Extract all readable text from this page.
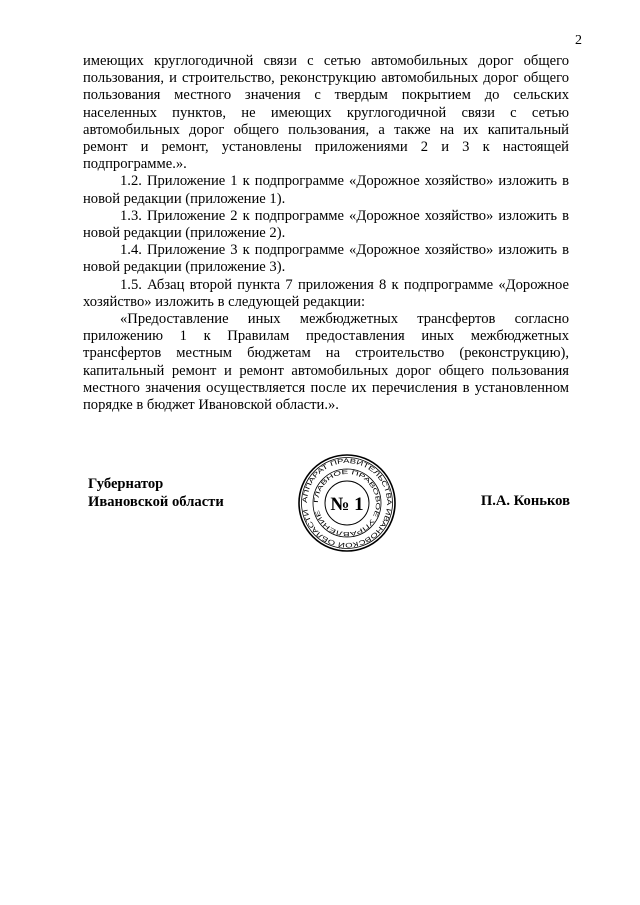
2

имеющих круглогодичной связи с сетью автомобильных дорог общего пользования, и строительство, реконструкцию автомобильных дорог общего пользования местного значения с твердым покрытием до сельских населенных пунктов, не имеющих круглогодичной связи с сетью автомобильных дорог общего пользования, а также на их капитальный ремонт и ремонт, установлены приложениями 2 и 3 к настоящей подпрограмме.».

1.2. Приложение 1 к подпрограмме «Дорожное хозяйство» изложить в новой редакции (приложение 1).

1.3. Приложение 2 к подпрограмме «Дорожное хозяйство» изложить в новой редакции (приложение 2).

1.4. Приложение 3 к подпрограмме «Дорожное хозяйство» изложить в новой редакции (приложение 3).

1.5. Абзац второй пункта 7 приложения 8 к подпрограмме «Дорожное хозяйство» изложить в следующей редакции:

«Предоставление иных межбюджетных трансфертов согласно приложению 1 к Правилам предоставления иных межбюджетных трансфертов местным бюджетам на строительство (реконструкцию), капитальный ремонт и ремонт автомобильных дорог общего пользования местного значения осуществляется после их перечисления в установленном порядке в бюджет Ивановской области.».

Губернатор
Ивановской области	П.А. Коньков
АППАРАТ ПРАВИТЕЛЬСТВА ИВАНОВСКОЙ ОБЛАСТИ
ГЛАВНОЕ ПРАВОВОЕ УПРАВЛЕНИЕ № 1
